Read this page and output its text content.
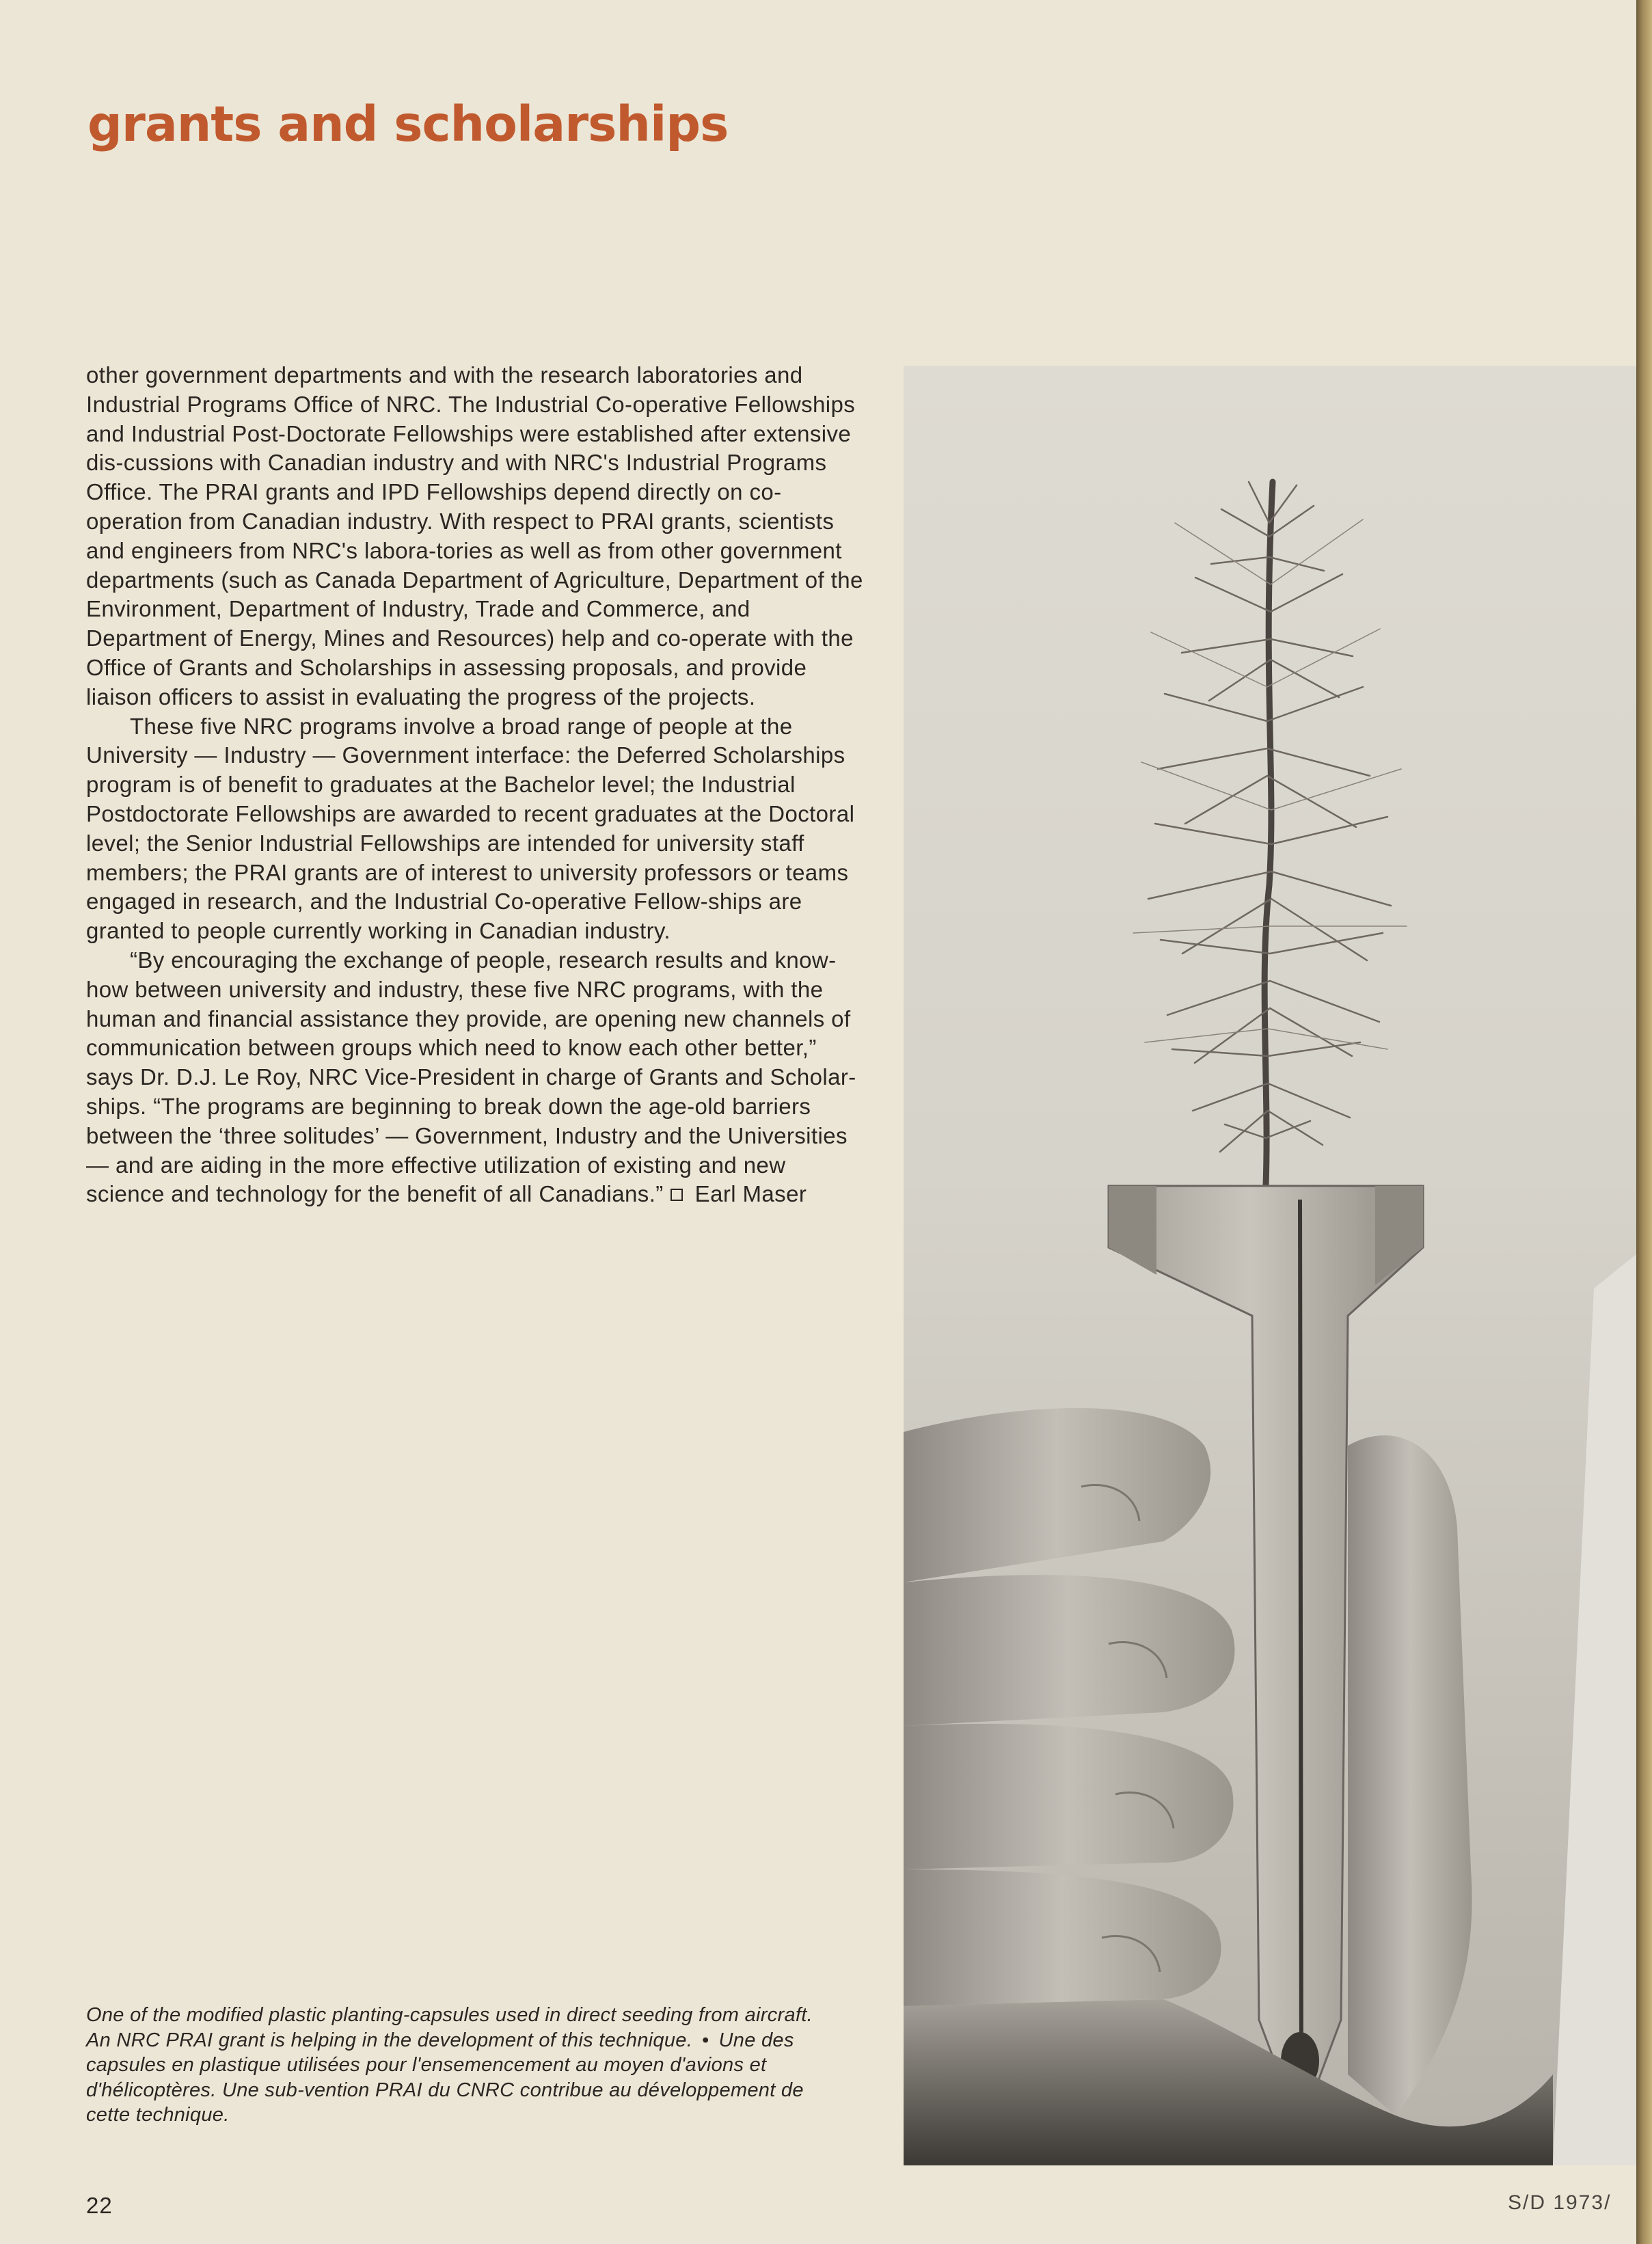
grants and scholarships

other government departments and with the research laboratories and Industrial Programs Office of NRC. The Industrial Co-operative Fellowships and Industrial Post-Doctorate Fellowships were established after extensive dis-cussions with Canadian industry and with NRC's Industrial Programs Office. The PRAI grants and IPD Fellowships depend directly on co-operation from Canadian industry. With respect to PRAI grants, scientists and engineers from NRC's labora-tories as well as from other government departments (such as Canada Department of Agriculture, Department of the Environment, Department of Industry, Trade and Commerce, and Department of Energy, Mines and Resources) help and co-operate with the Office of Grants and Scholarships in assessing proposals, and provide liaison officers to assist in evaluating the progress of the projects.

These five NRC programs involve a broad range of people at the University — Industry — Government interface: the Deferred Scholarships program is of benefit to graduates at the Bachelor level; the Industrial Postdoctorate Fellowships are awarded to recent graduates at the Doctoral level; the Senior Industrial Fellowships are intended for university staff members; the PRAI grants are of interest to university professors or teams engaged in research, and the Industrial Co-operative Fellow-ships are granted to people currently working in Canadian industry.

“By encouraging the exchange of people, research results and know-how between university and industry, these five NRC programs, with the human and financial assistance they provide, are opening new channels of communication between groups which need to know each other better,” says Dr. D.J. Le Roy, NRC Vice-President in charge of Grants and Scholar-ships. “The programs are beginning to break down the age-old barriers between the ‘three solitudes’ — Government, Industry and the Universities — and are aiding in the more effective utilization of existing and new science and technology for the benefit of all Canadians.” Earl Maser

One of the modified plastic planting-capsules used in direct seeding from aircraft. An NRC PRAI grant is helping in the development of this technique. • Une des capsules en plastique utilisées pour l'ensemencement au moyen d'avions et d'hélicoptères. Une sub-vention PRAI du CNRC contribue au développement de cette technique.
22	S/D 1973/
